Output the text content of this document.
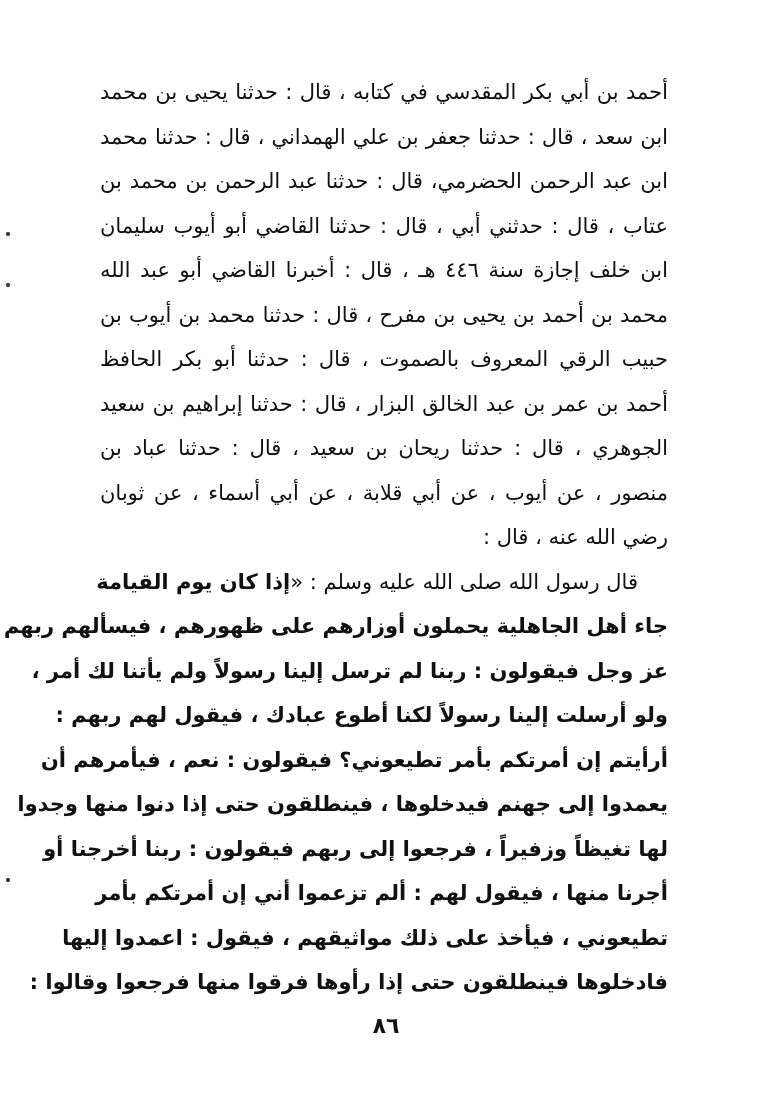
أحمد بن أبي بكر المقدسي في كتابه ، قال : حدثنا يحيى بن محمد
ابن سعد ، قال : حدثنا جعفر بن علي الهمداني ، قال : حدثنا محمد
ابن عبد الرحمن الحضرمي، قال : حدثنا عبد الرحمن بن محمد بن
عتاب ، قال : حدثني أبي ، قال : حدثنا القاضي أبو أيوب سليمان
ابن خلف إجازة سنة ٤٤٦ هـ ، قال : أخبرنا القاضي أبو عبد الله
محمد بن أحمد بن يحيى بن مفرح ، قال : حدثنا محمد بن أيوب بن
حبيب الرقي المعروف بالصموت ، قال : حدثنا أبو بكر الحافظ
أحمد بن عمر بن عبد الخالق البزار ، قال : حدثنا إبراهيم بن سعيد
الجوهري ، قال : حدثنا ريحان بن سعيد ، قال : حدثنا عباد بن
منصور ، عن أيوب ، عن أبي قلابة ، عن أبي أسماء ، عن ثوبان
رضي الله عنه ، قال :
قال رسول الله صلى الله عليه وسلم : «إذا كان يوم القيامة
جاء أهل الجاهلية يحملون أوزارهم على ظهورهم ، فيسألهم ربهم
عز وجل فيقولون : ربنا لم ترسل إلينا رسولاً ولم يأتنا لك أمر ،
ولو أرسلت إلينا رسولاً لكنا أطوع عبادك ، فيقول لهم ربهم :
أرأيتم إن أمرتكم بأمر تطيعوني؟ فيقولون : نعم ، فيأمرهم أن
يعمدوا إلى جهنم فيدخلوها ، فينطلقون حتى إذا دنوا منها وجدوا
لها تغيظاً وزفيراً ، فرجعوا إلى ربهم فيقولون : ربنا أخرجنا أو
أجرنا منها ، فيقول لهم : ألم تزعموا أني إن أمرتكم بأمر
تطيعوني ، فيأخذ على ذلك مواثيقهم ، فيقول : اعمدوا إليها
فادخلوها فينطلقون حتى إذا رأوها فرقوا منها فرجعوا وقالوا :
٨٦
